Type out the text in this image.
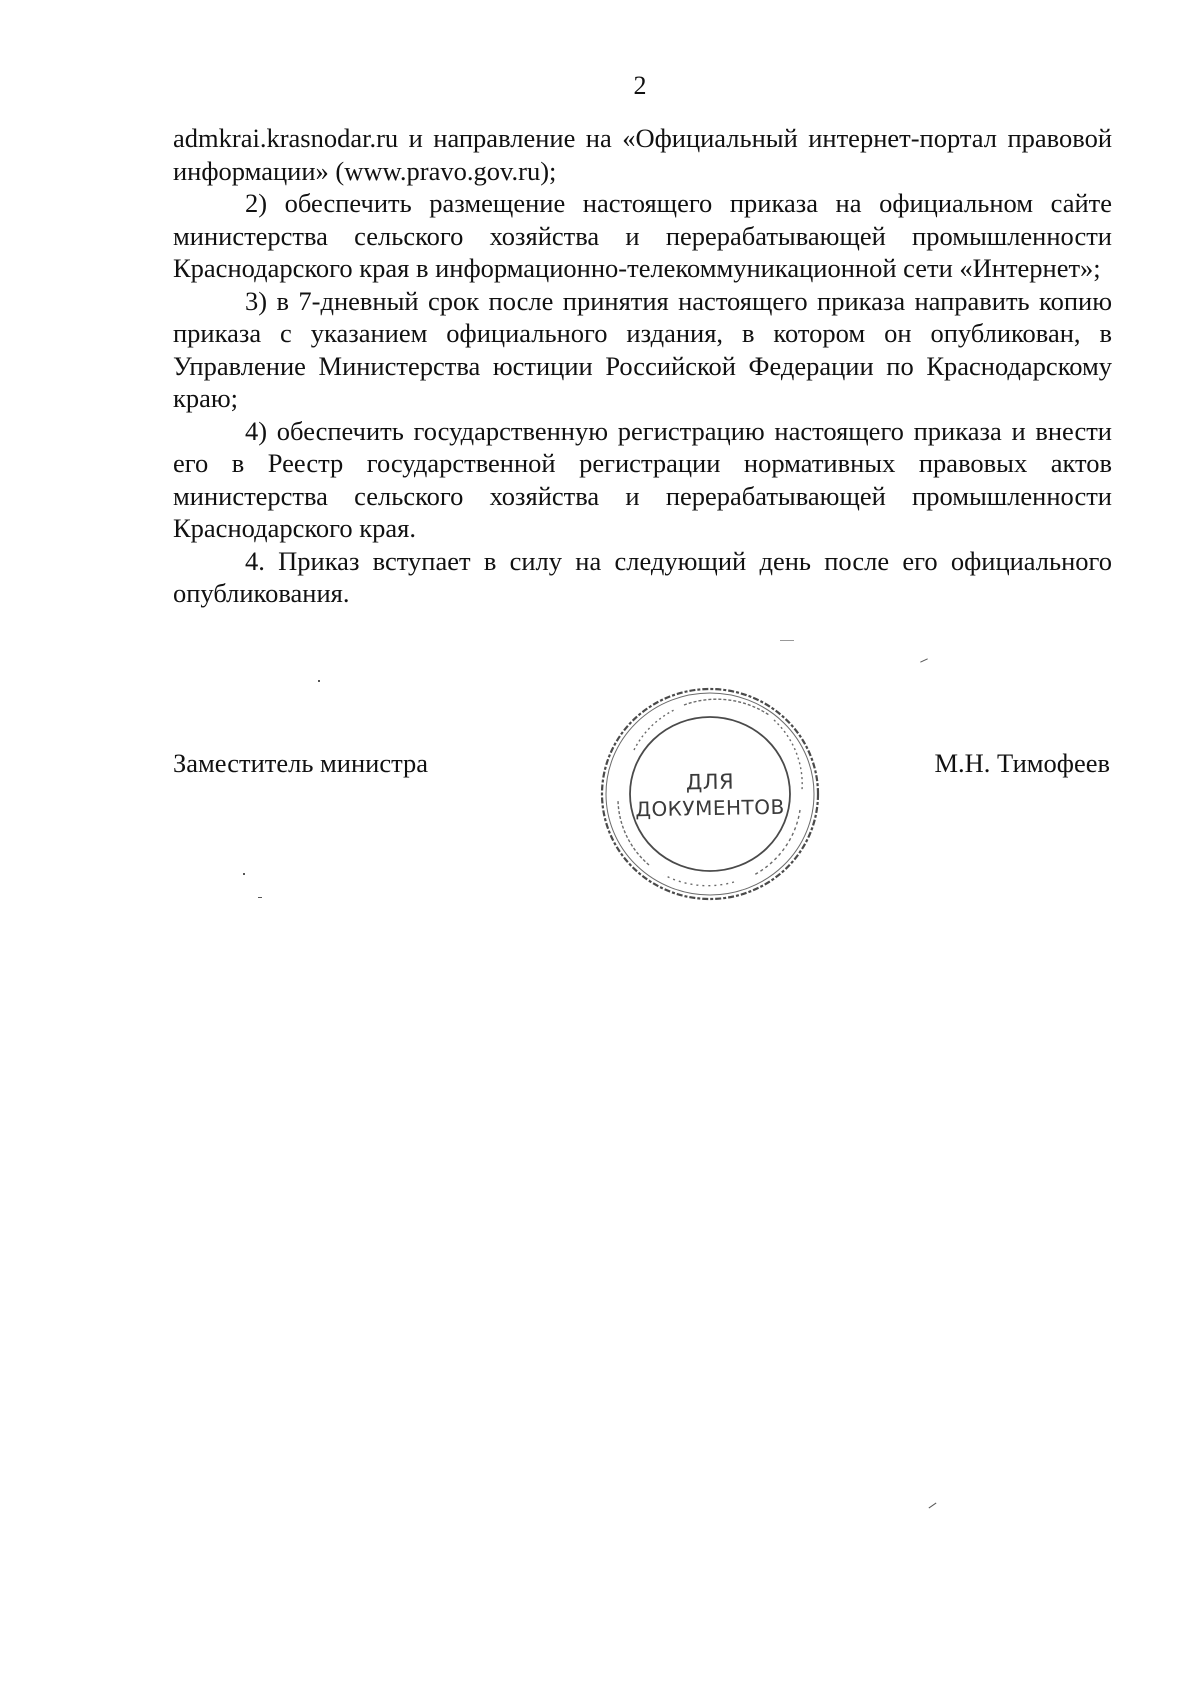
2

admkrai.krasnodar.ru и направление на «Официальный интернет-портал правовой информации» (www.pravo.gov.ru);

2) обеспечить размещение настоящего приказа на официальном сайте министерства сельского хозяйства и перерабатывающей промышленности Краснодарского края в информационно-телекоммуникационной сети «Интернет»;

3) в 7-дневный срок после принятия настоящего приказа направить копию приказа с указанием официального издания, в котором он опубликован, в Управление Министерства юстиции Российской Федерации по Краснодарскому краю;

4) обеспечить государственную регистрацию настоящего приказа и внести его в Реестр государственной регистрации нормативных правовых актов министерства сельского хозяйства и перерабатывающей промышленности Краснодарского края.

4. Приказ вступает в силу на следующий день после его официального опубликования.

Заместитель министра
ДЛЯ
ДОКУМЕНТОВ
М.Н. Тимофеев
